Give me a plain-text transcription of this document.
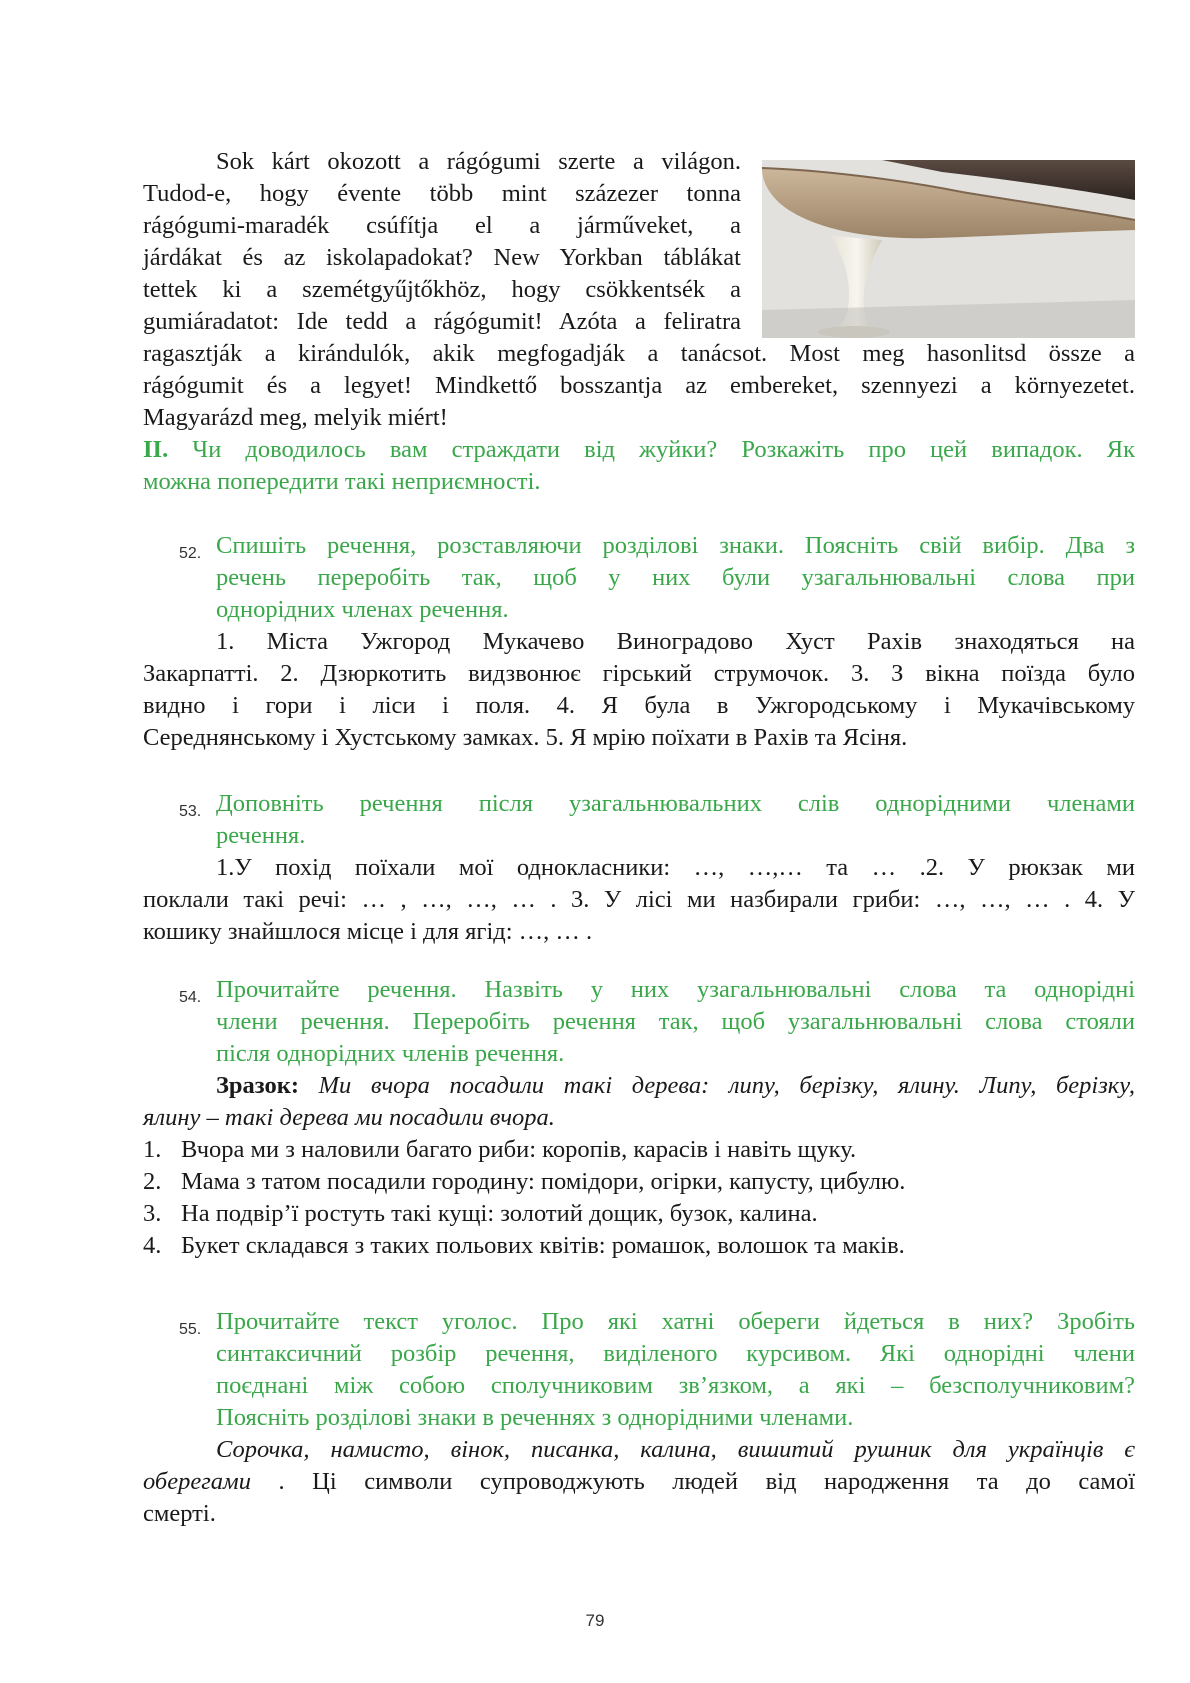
Sok kárt okozott a rágógumi szerte a világon.

Tudod-e, hogy évente több mint százezer tonna

rágógumi-maradék csúfítja el a járműveket, a

járdákat és az iskolapadokat? New Yorkban táblákat

tettek ki a szemétgyűjtőkhöz, hogy csökkentsék a

gumiáradatot: Ide tedd a rágógumit! Azóta a feliratra

ragasztják a kirándulók, akik megfogadják a tanácsot. Most meg hasonlitsd össze a

rágógumit és a legyet! Mindkettő bosszantja az embereket, szennyezi a környezetet.

Magyarázd meg, melyik miért!

II. Чи доводилось вам страждати від жуйки? Розкажіть про цей випадок. Як

можна попередити такі неприємності.

52. Спишіть речення, розставляючи розділові знаки. Поясніть свій вибір. Два з

речень переробіть так, щоб у них були узагальнювальні слова при

однорідних членах речення.

1. Міста Ужгород Мукачево Виноградово Хуст Рахів знаходяться на

Закарпатті. 2. Дзюркотить видзвонює гірський струмочок. 3. З вікна поїзда було

видно і гори і ліси і поля. 4. Я була в Ужгородському і Мукачівському

Середнянському і Хустському замках. 5. Я мрію поїхати в Рахів та Ясіня.

53. Доповніть речення після узагальнювальних слів однорідними членами

речення.

1.У похід поїхали мої однокласники: …, …,… та … .2. У рюкзак ми

поклали такі речі: … , …, …, … . 3. У лісі ми назбирали гриби: …, …, … . 4. У

кошику знайшлося місце і для ягід: …, … .

54. Прочитайте речення. Назвіть у них узагальнювальні слова та однорідні

члени речення. Переробіть речення так, щоб узагальнювальні слова стояли

після однорідних членів речення.

Зразок: Ми вчора посадили такі дерева: липу, берізку, ялину. Липу, берізку,

ялину – такі дерева ми посадили вчора.

1. Вчора ми з наловили багато риби: коропів, карасів і навіть щуку.
2. Мама з татом посадили городину: помідори, огірки, капусту, цибулю.
3. На подвір’ї ростуть такі кущі: золотий дощик, бузок, калина.
4. Букет складався з таких польових квітів: ромашок, волошок та маків.
55. Прочитайте текст уголос. Про які хатні обереги йдеться в них? Зробіть

синтаксичний розбір речення, виділеного курсивом. Які однорідні члени

поєднані між собою сполучниковим зв’язком, а які – безсполучниковим?

Поясніть розділові знаки в реченнях з однорідними членами.

Сорочка, намисто, вінок, писанка, калина, вишитий рушник для українців є

оберегами . Ці символи супроводжують людей від народження та до самої

смерті.

79
